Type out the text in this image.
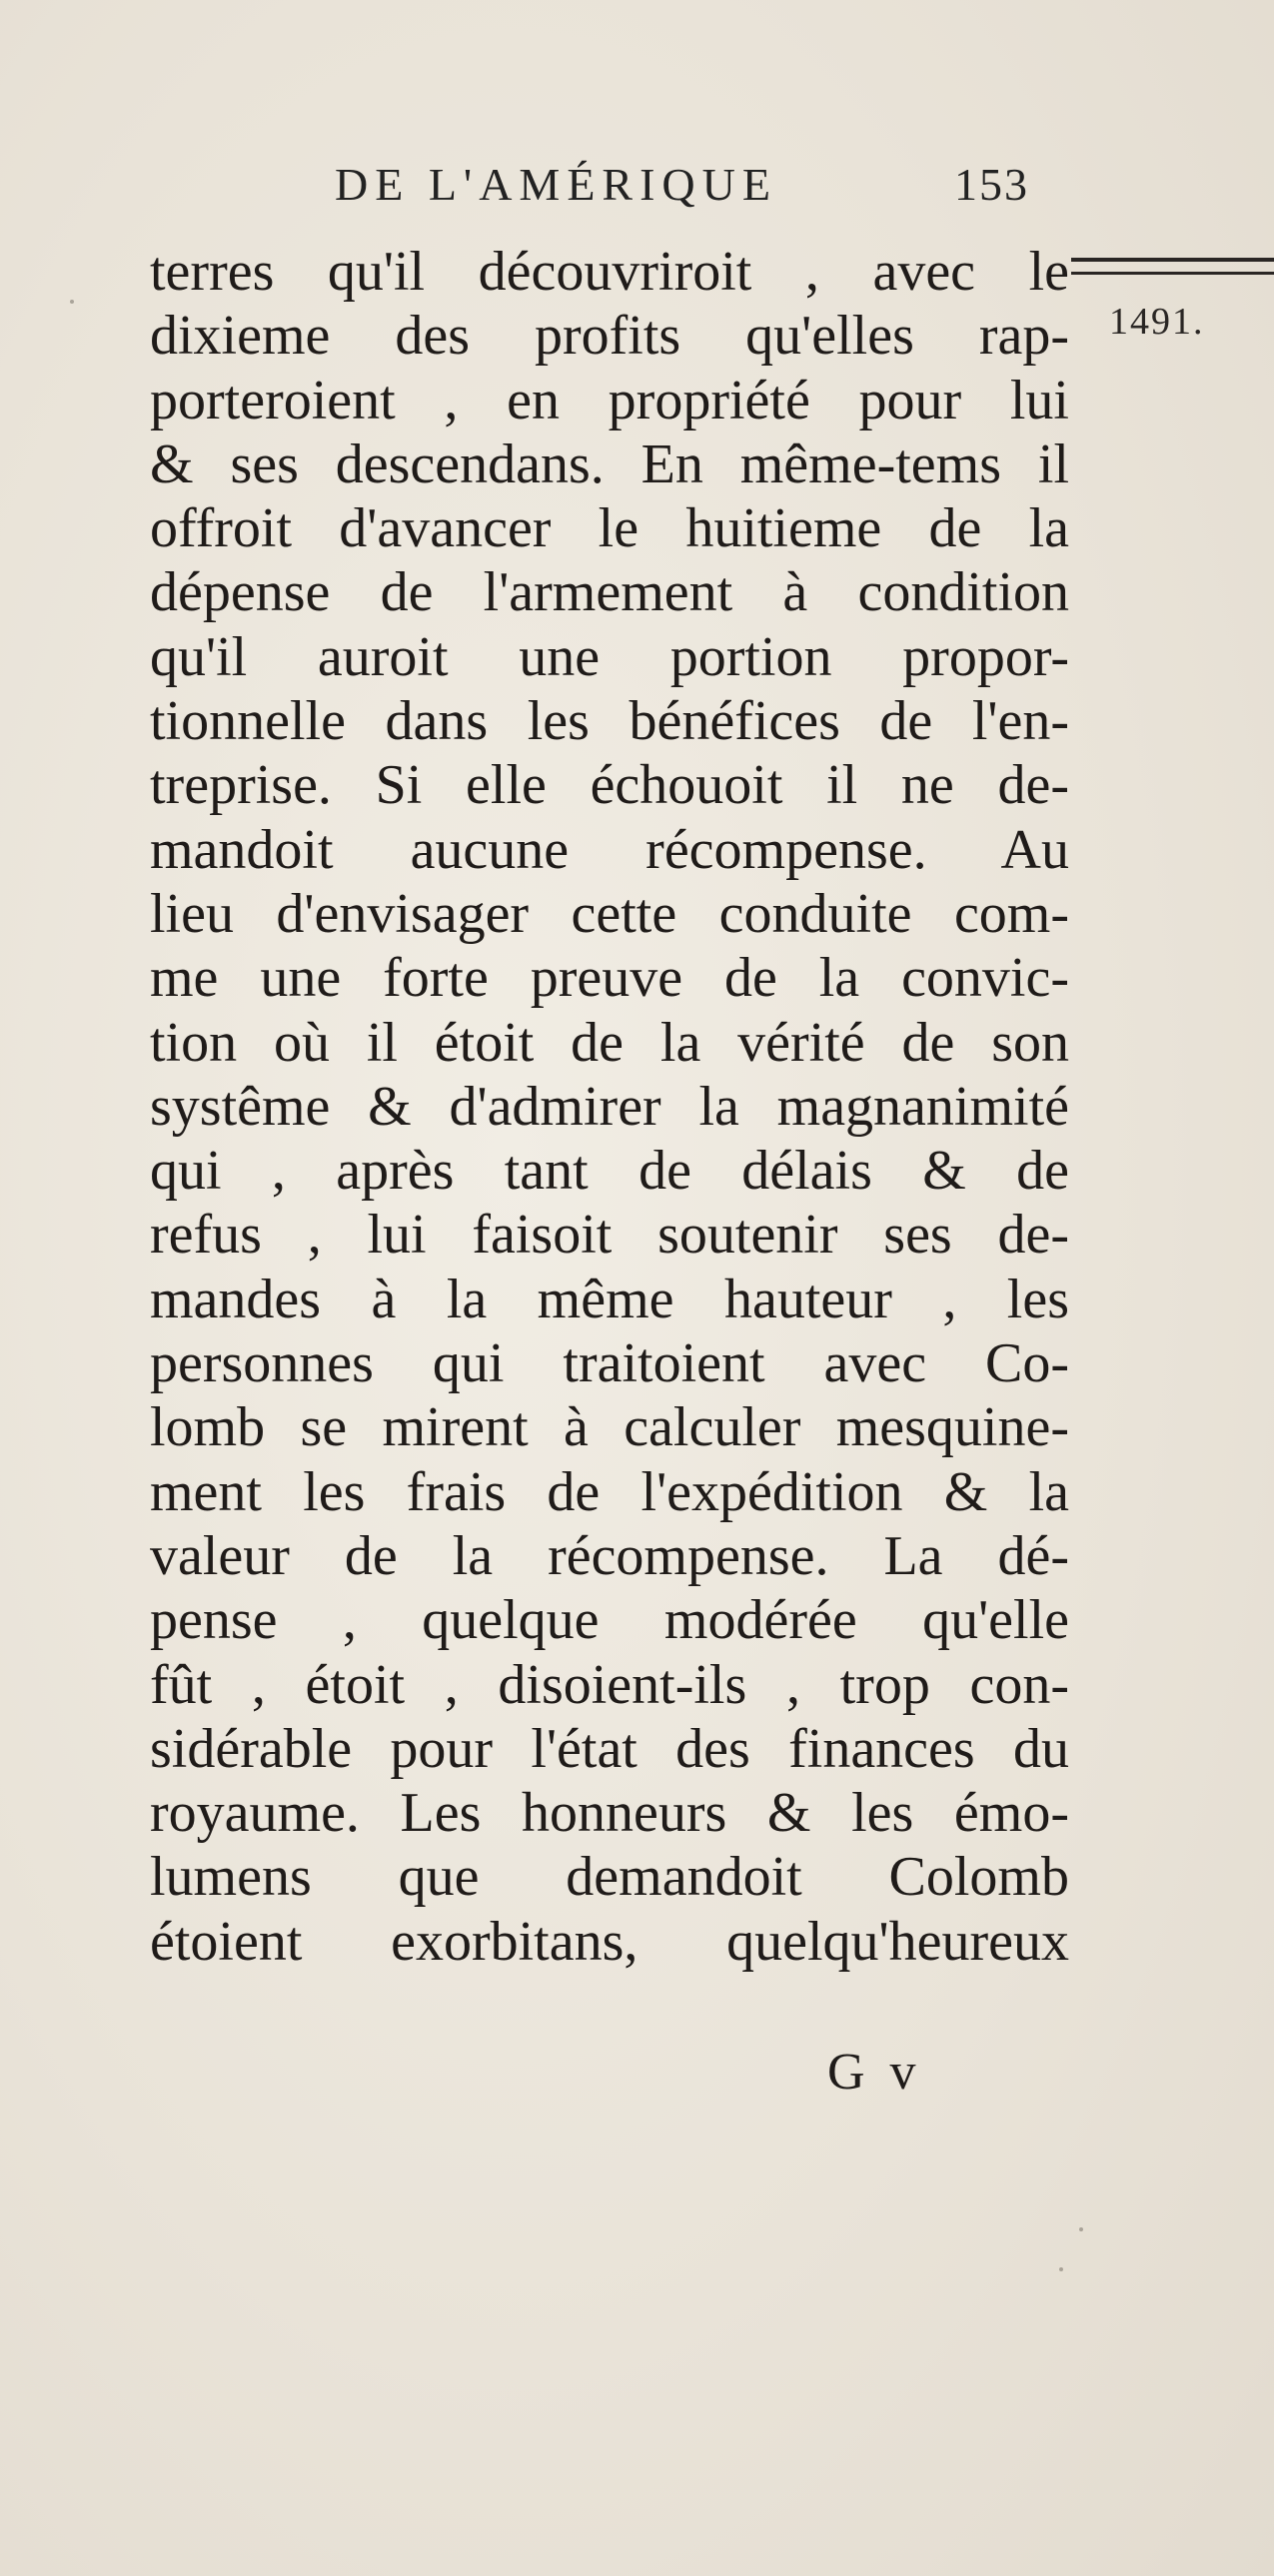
DE L'AMÉRIQUE	153
1491.
terres qu'il découvriroit , avec le
dixieme des profits qu'elles rap-
porteroient , en propriété pour lui
& ses descendans. En même-tems il
offroit d'avancer le huitieme de la
dépense de l'armement à condition
qu'il auroit une portion propor-
tionnelle dans les bénéfices de l'en-
treprise. Si elle échouoit il ne de-
mandoit aucune récompense. Au
lieu d'envisager cette conduite com-
me une forte preuve de la convic-
tion où il étoit de la vérité de son
systême & d'admirer la magnanimité
qui , après tant de délais & de
refus , lui faisoit soutenir ses de-
mandes à la même hauteur , les
personnes qui traitoient avec Co-
lomb se mirent à calculer mesquine-
ment les frais de l'expédition & la
valeur de la récompense. La dé-
pense , quelque modérée qu'elle
fût , étoit , disoient-ils , trop con-
sidérable pour l'état des finances du
royaume. Les honneurs & les émo-
lumens que demandoit Colomb
étoient exorbitans, quelqu'heureux
G v
